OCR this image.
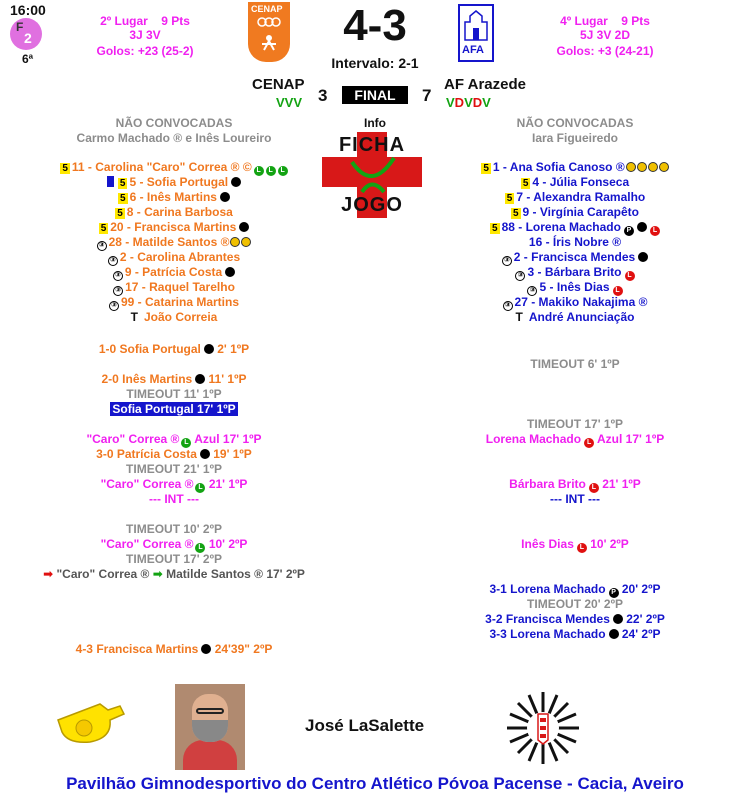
16:00
F
2
6ª
2º Lugar 9 Pts
3J 3V
Golos: +23 (25-2)
4º Lugar 9 Pts
5J 3V 2D
Golos: +3 (24-21)
CENAP	4-3
Intervalo: 2-1
AFA
CENAP
VVV 3	FINAL	7
AF Arazede
VDVDV
Info
FICHA
JOGO
NÃO CONVOCADAS
Carmo Machado ® e Inês Loureiro
5 11 - Carolina "Caro" Correa ® © L L L
5 5 - Sofia Portugal
5 6 - Inês Martins
5 8 - Carina Barbosa
5 20 - Francisca Martins
③ 28 - Matilde Santos ®
③ 2 - Carolina Abrantes
③ 9 - Patrícia Costa
③ 17 - Raquel Tarelho
③ 99 - Catarina Martins
T João Correia
1-0 Sofia Portugal 2' 1ºP
2-0 Inês Martins 11' 1ºP
TIMEOUT 11' 1ºP
Sofia Portugal 17' 1ºP
"Caro" Correa ® L Azul 17' 1ºP
3-0 Patrícia Costa 19' 1ºP
TIMEOUT 21' 1ºP
"Caro" Correa ® L 21' 1ºP
--- INT ---
TIMEOUT 10' 2ºP
"Caro" Correa ® L 10' 2ºP
TIMEOUT 17' 2ºP
➡ "Caro" Correa ® ➡ Matilde Santos ® 17' 2ºP
4-3 Francisca Martins 24'39" 2ºP
NÃO CONVOCADAS
Iara Figueiredo
5 1 - Ana Sofia Canoso ®
5 4 - Júlia Fonseca
5 7 - Alexandra Ramalho
5 9 - Virgínia Carapêto
5 88 - Lorena Machado P	L
16 - Íris Nobre ®
③ 2 - Francisca Mendes
③ 3 - Bárbara Brito L
③ 5 - Inês Dias L
③ 27 - Makiko Nakajima ®
T André Anunciação
TIMEOUT 6' 1ºP
TIMEOUT 17' 1ºP
Lorena Machado L Azul 17' 1ºP
Bárbara Brito L 21' 1ºP
--- INT ---
Inês Dias L 10' 2ºP
3-1 Lorena Machado P 20' 2ºP
TIMEOUT 20' 2ºP
3-2 Francisca Mendes 22' 2ºP
3-3 Lorena Machado 24' 2ºP
José LaSalette
Pavilhão Gimnodesportivo do Centro Atlético Póvoa Pacense - Cacia, Aveiro
